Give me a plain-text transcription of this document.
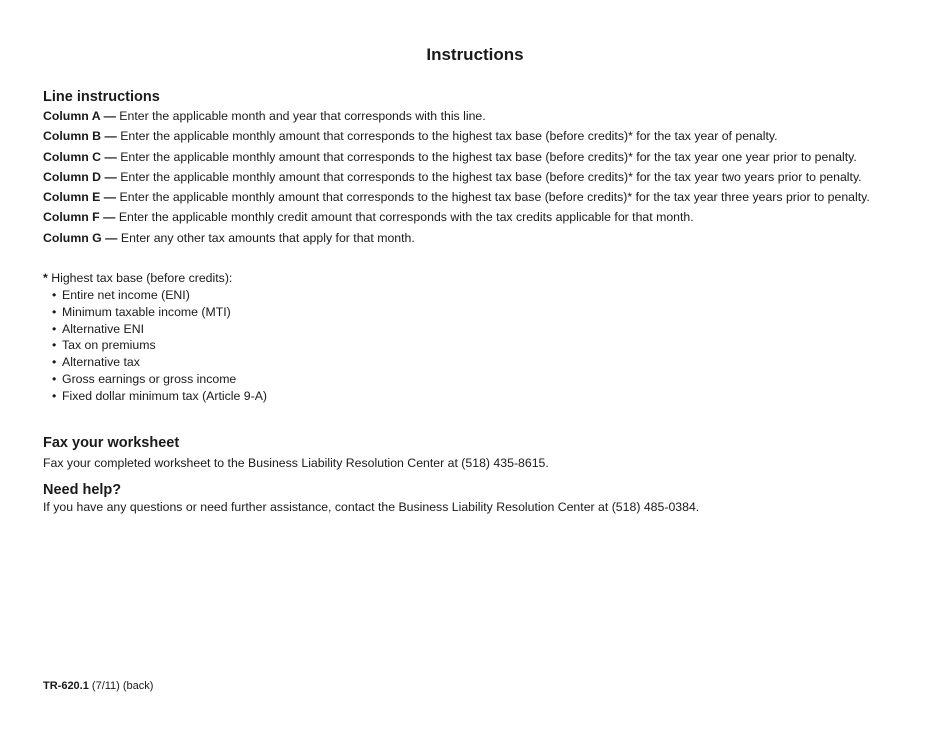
Instructions
Line instructions
Column A — Enter the applicable month and year that corresponds with this line.
Column B — Enter the applicable monthly amount that corresponds to the highest tax base (before credits)* for the tax year of penalty.
Column C — Enter the applicable monthly amount that corresponds to the highest tax base (before credits)* for the tax year one year prior to penalty.
Column D — Enter the applicable monthly amount that corresponds to the highest tax base (before credits)* for the tax year two years prior to penalty.
Column E — Enter the applicable monthly amount that corresponds to the highest tax base (before credits)* for the tax year three years prior to penalty.
Column F — Enter the applicable monthly credit amount that corresponds with the tax credits applicable for that month.
Column G — Enter any other tax amounts that apply for that month.

* Highest tax base (before credits):

• Entire net income (ENI)
• Minimum taxable income (MTI)
• Alternative ENI
• Tax on premiums
• Alternative tax
• Gross earnings or gross income
• Fixed dollar minimum tax (Article 9-A)
Fax your worksheet

Fax your completed worksheet to the Business Liability Resolution Center at (518) 435-8615.

Need help?

If you have any questions or need further assistance, contact the Business Liability Resolution Center at (518) 485-0384.

TR-620.1 (7/11) (back)
